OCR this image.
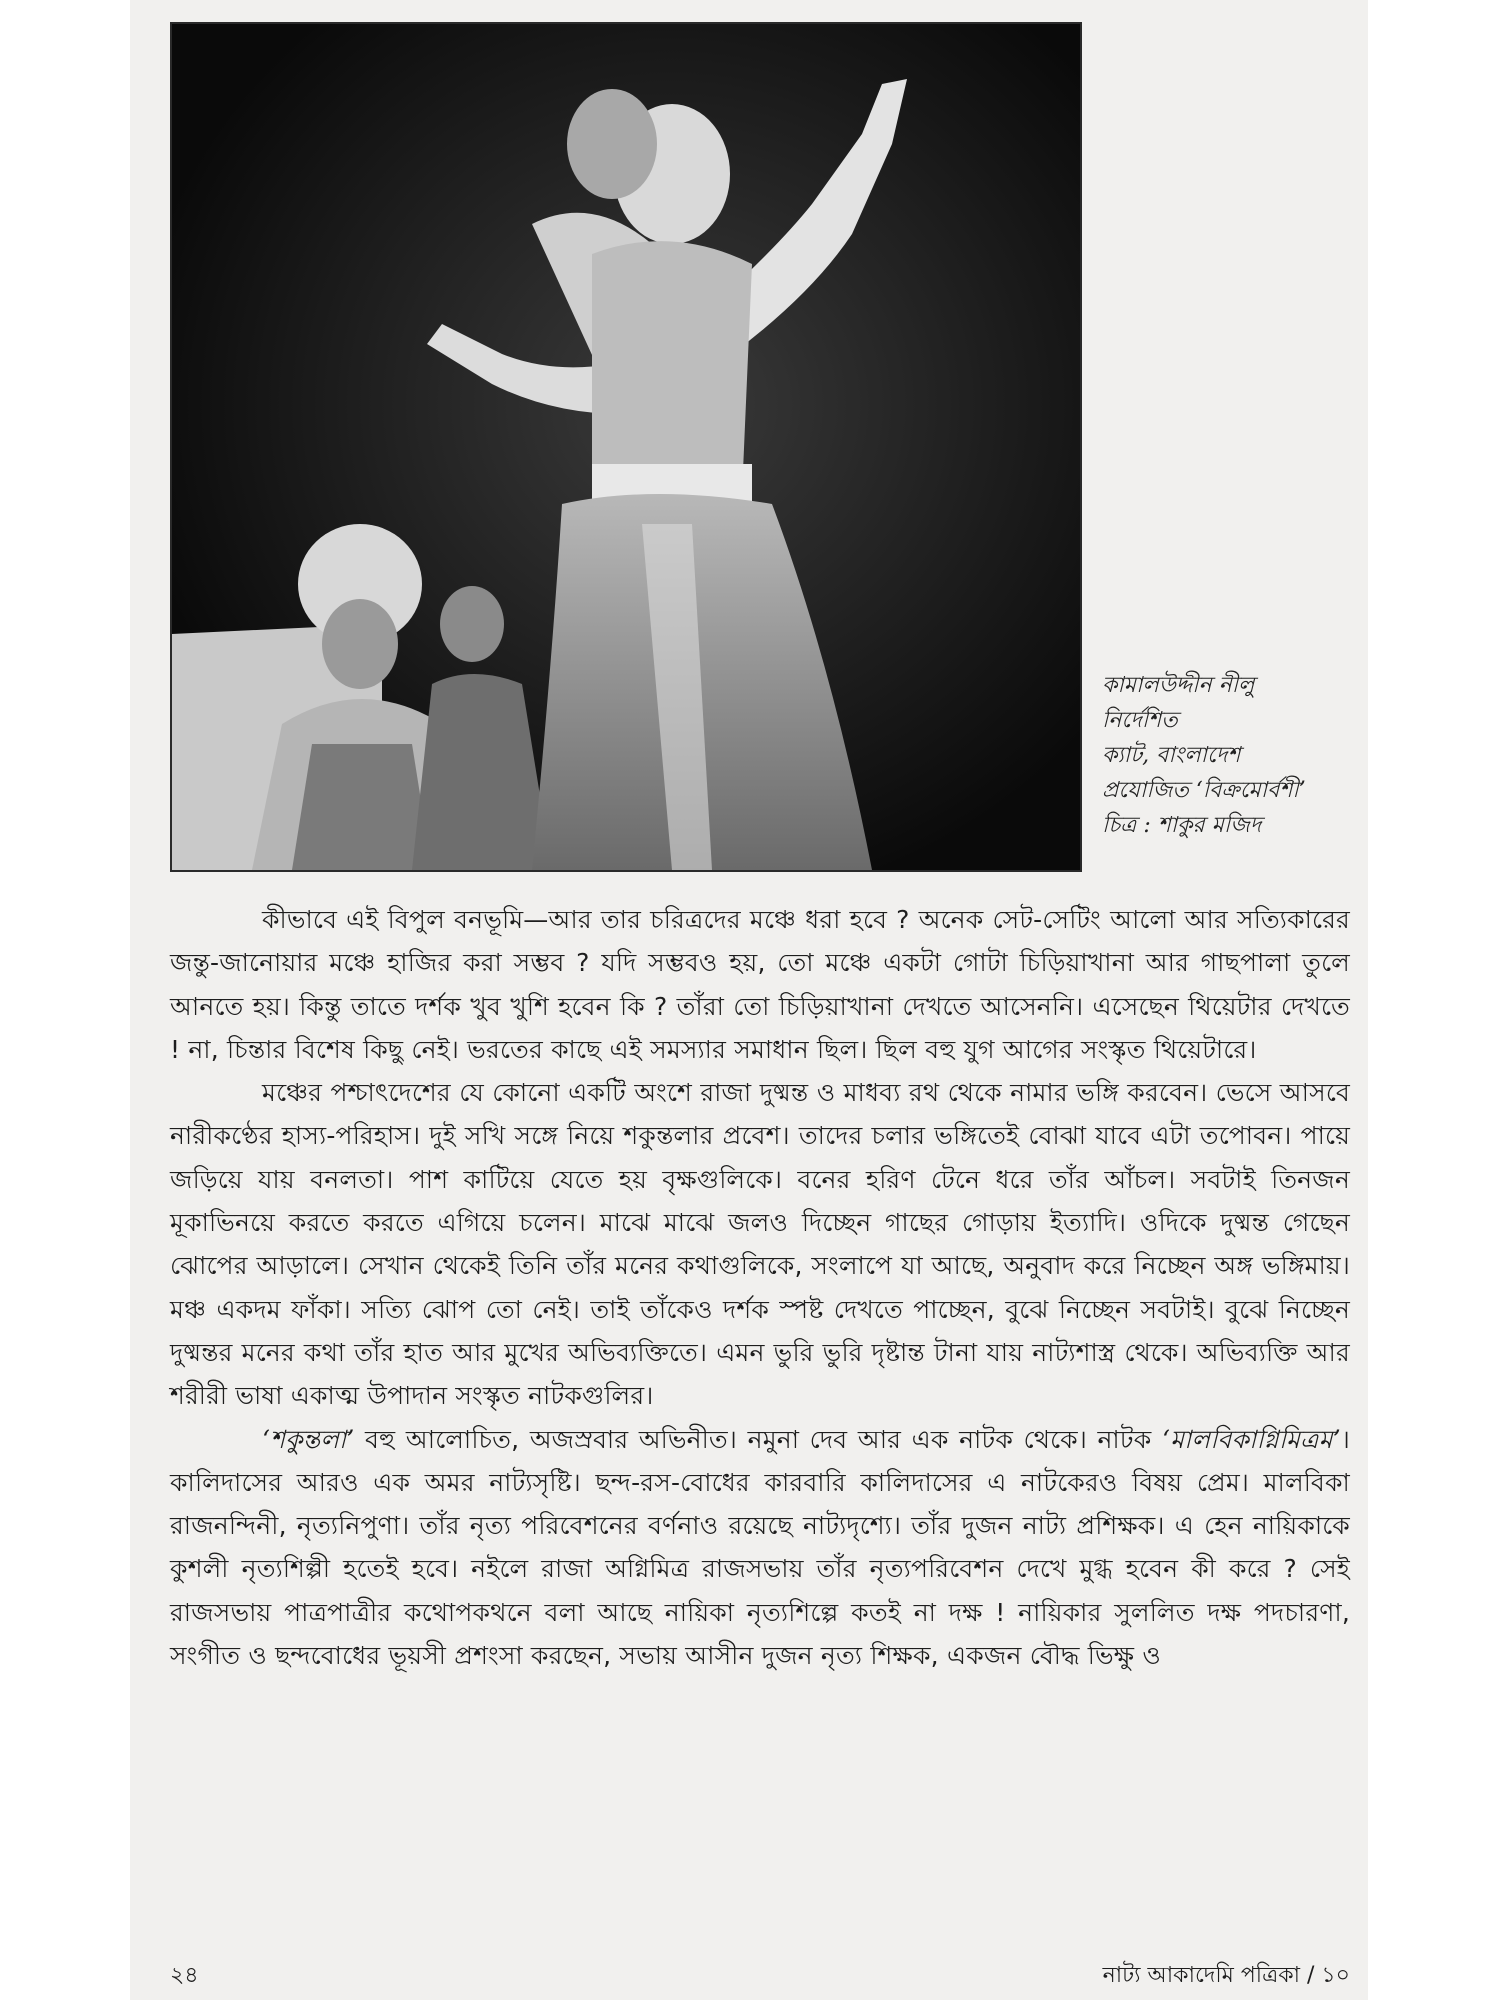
কামালউদ্দীন নীলু
নির্দেশিত
ক্যাট, বাংলাদেশ
প্রযোজিত ‘বিক্রমোর্বশী’
চিত্র : শাকুর মজিদ

কীভাবে এই বিপুল বনভূমি—আর তার চরিত্রদের মঞ্চে ধরা হবে ? অনেক সেট-সেটিং আলো আর সত্যিকারের জন্তু-জানোয়ার মঞ্চে হাজির করা সম্ভব ? যদি সম্ভবও হয়, তো মঞ্চে একটা গোটা চিড়িয়াখানা আর গাছপালা তুলে আনতে হয়। কিন্তু তাতে দর্শক খুব খুশি হবেন কি ? তাঁরা তো চিড়িয়াখানা দেখতে আসেননি। এসেছেন থিয়েটার দেখতে ! না, চিন্তার বিশেষ কিছু নেই। ভরতের কাছে এই সমস্যার সমাধান ছিল। ছিল বহু যুগ আগের সংস্কৃত থিয়েটারে।

মঞ্চের পশ্চাৎদেশের যে কোনো একটি অংশে রাজা দুষ্মন্ত ও মাধব্য রথ থেকে নামার ভঙ্গি করবেন। ভেসে আসবে নারীকণ্ঠের হাস্য-পরিহাস। দুই সখি সঙ্গে নিয়ে শকুন্তলার প্রবেশ। তাদের চলার ভঙ্গিতেই বোঝা যাবে এটা তপোবন। পায়ে জড়িয়ে যায় বনলতা। পাশ কাটিয়ে যেতে হয় বৃক্ষগুলিকে। বনের হরিণ টেনে ধরে তাঁর আঁচল। সবটাই তিনজন মূকাভিনয়ে করতে করতে এগিয়ে চলেন। মাঝে মাঝে জলও দিচ্ছেন গাছের গোড়ায় ইত্যাদি। ওদিকে দুষ্মন্ত গেছেন ঝোপের আড়ালে। সেখান থেকেই তিনি তাঁর মনের কথাগুলিকে, সংলাপে যা আছে, অনুবাদ করে নিচ্ছেন অঙ্গ ভঙ্গিমায়। মঞ্চ একদম ফাঁকা। সত্যি ঝোপ তো নেই। তাই তাঁকেও দর্শক স্পষ্ট দেখতে পাচ্ছেন, বুঝে নিচ্ছেন সবটাই। বুঝে নিচ্ছেন দুষ্মন্তর মনের কথা তাঁর হাত আর মুখের অভিব্যক্তিতে। এমন ভুরি ভুরি দৃষ্টান্ত টানা যায় নাট্যশাস্ত্র থেকে। অভিব্যক্তি আর শরীরী ভাষা একাত্ম উপাদান সংস্কৃত নাটকগুলির।

‘শকুন্তলা’ বহু আলোচিত, অজস্রবার অভিনীত। নমুনা দেব আর এক নাটক থেকে। নাটক ‘মালবিকাগ্নিমিত্রম’। কালিদাসের আরও এক অমর নাট্যসৃষ্টি। ছন্দ-রস-বোধের কারবারি কালিদাসের এ নাটকেরও বিষয় প্রেম। মালবিকা রাজনন্দিনী, নৃত্যনিপুণা। তাঁর নৃত্য পরিবেশনের বর্ণনাও রয়েছে নাট্যদৃশ্যে। তাঁর দুজন নাট্য প্রশিক্ষক। এ হেন নায়িকাকে কুশলী নৃত্যশিল্পী হতেই হবে। নইলে রাজা অগ্নিমিত্র রাজসভায় তাঁর নৃত্যপরিবেশন দেখে মুগ্ধ হবেন কী করে ? সেই রাজসভায় পাত্রপাত্রীর কথোপকথনে বলা আছে নায়িকা নৃত্যশিল্পে কতই না দক্ষ ! নায়িকার সুললিত দক্ষ পদচারণা, সংগীত ও ছন্দবোধের ভূয়সী প্রশংসা করছেন, সভায় আসীন দুজন নৃত্য শিক্ষক, একজন বৌদ্ধ ভিক্ষু ও

২৪	নাট্য আকাদেমি পত্রিকা / ১০
